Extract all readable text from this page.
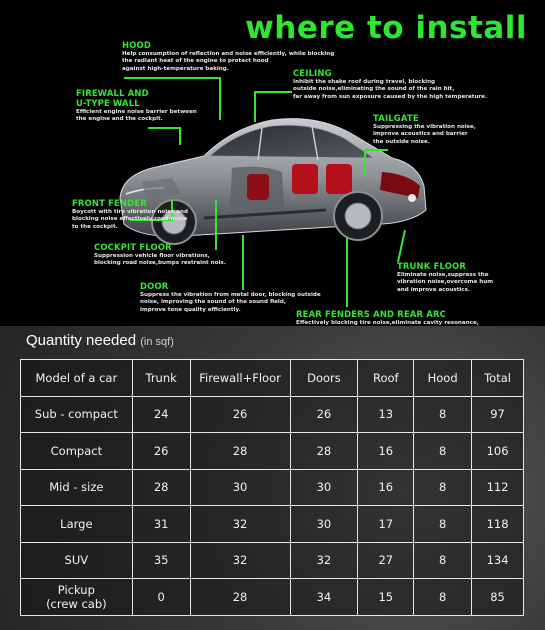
where to install
HOOD
Help consumption of reflection and noise efficiently, while blocking
the radiant heat of the engine to protect hood
against high-temperature baking.	CEILING
Inhibit the shake roof during travel, blocking
outside noise,eliminating the sound of the rain hit,
far away from sun exposure caused by the high temperature.
FIREWALL AND
U-TYPE WALL
Efficient engine noise barrier between
the engine and the cockpit.	TAILGATE
Suppressing the vibration noise,
improve acoustics and barrier
the outside noise.
FRONT FENDER
Boycott with tire vibration noise and
blocking noise effectively,road noise
to the cockpit.
COCKPIT FLOOR
Suppression vehicle floor vibrations,
blocking road noise,bumps restraint nois.	TRUNK FLOOR
Eliminate noise,suppress the
vibration noise,overcome hum
and improve acoustics.
DOOR
Suppress the vibration from metal door, blocking outside
noise, improving the sound of the sound field,
improve tone quality efficiently.	REAR FENDERS AND REAR ARC
Effectively blocking tire noise,eliminate cavity resonance,
Quantity needed (in sqf)
Model of a car	Trunk	Firewall+Floor	Doors	Roof	Hood	Total
Sub - compact	24	26	26	13	8	97
Compact	26	28	28	16	8	106
Mid - size	28	30	30	16	8	112
Large	31	32	30	17	8	118
SUV	35	32	32	27	8	134

Pickup
(crew cab)	0	28	34	15	8	85
